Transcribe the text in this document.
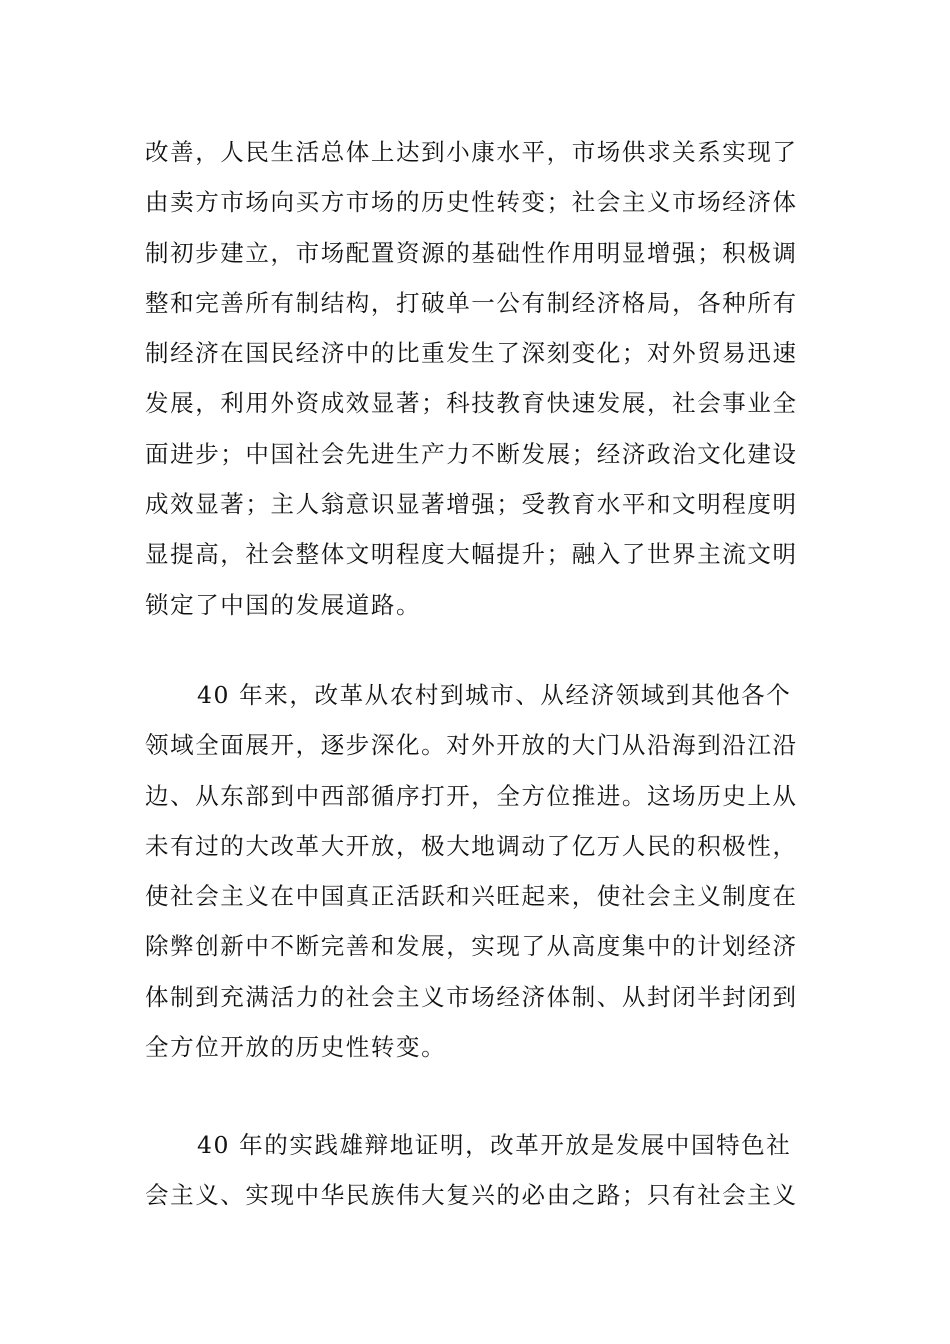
改善，人民生活总体上达到小康水平，市场供求关系实现了
由卖方市场向买方市场的历史性转变；社会主义市场经济体
制初步建立，市场配置资源的基础性作用明显增强；积极调
整和完善所有制结构，打破单一公有制经济格局，各种所有
制经济在国民经济中的比重发生了深刻变化；对外贸易迅速
发展，利用外资成效显著；科技教育快速发展，社会事业全
面进步；中国社会先进生产力不断发展；经济政治文化建设
成效显著；主人翁意识显著增强；受教育水平和文明程度明
显提高，社会整体文明程度大幅提升；融入了世界主流文明
锁定了中国的发展道路。
40 年来，改革从农村到城市、从经济领域到其他各个
领域全面展开，逐步深化。对外开放的大门从沿海到沿江沿
边、从东部到中西部循序打开，全方位推进。这场历史上从
未有过的大改革大开放，极大地调动了亿万人民的积极性，
使社会主义在中国真正活跃和兴旺起来，使社会主义制度在
除弊创新中不断完善和发展，实现了从高度集中的计划经济
体制到充满活力的社会主义市场经济体制、从封闭半封闭到
全方位开放的历史性转变。
40 年的实践雄辩地证明，改革开放是发展中国特色社
会主义、实现中华民族伟大复兴的必由之路；只有社会主义
